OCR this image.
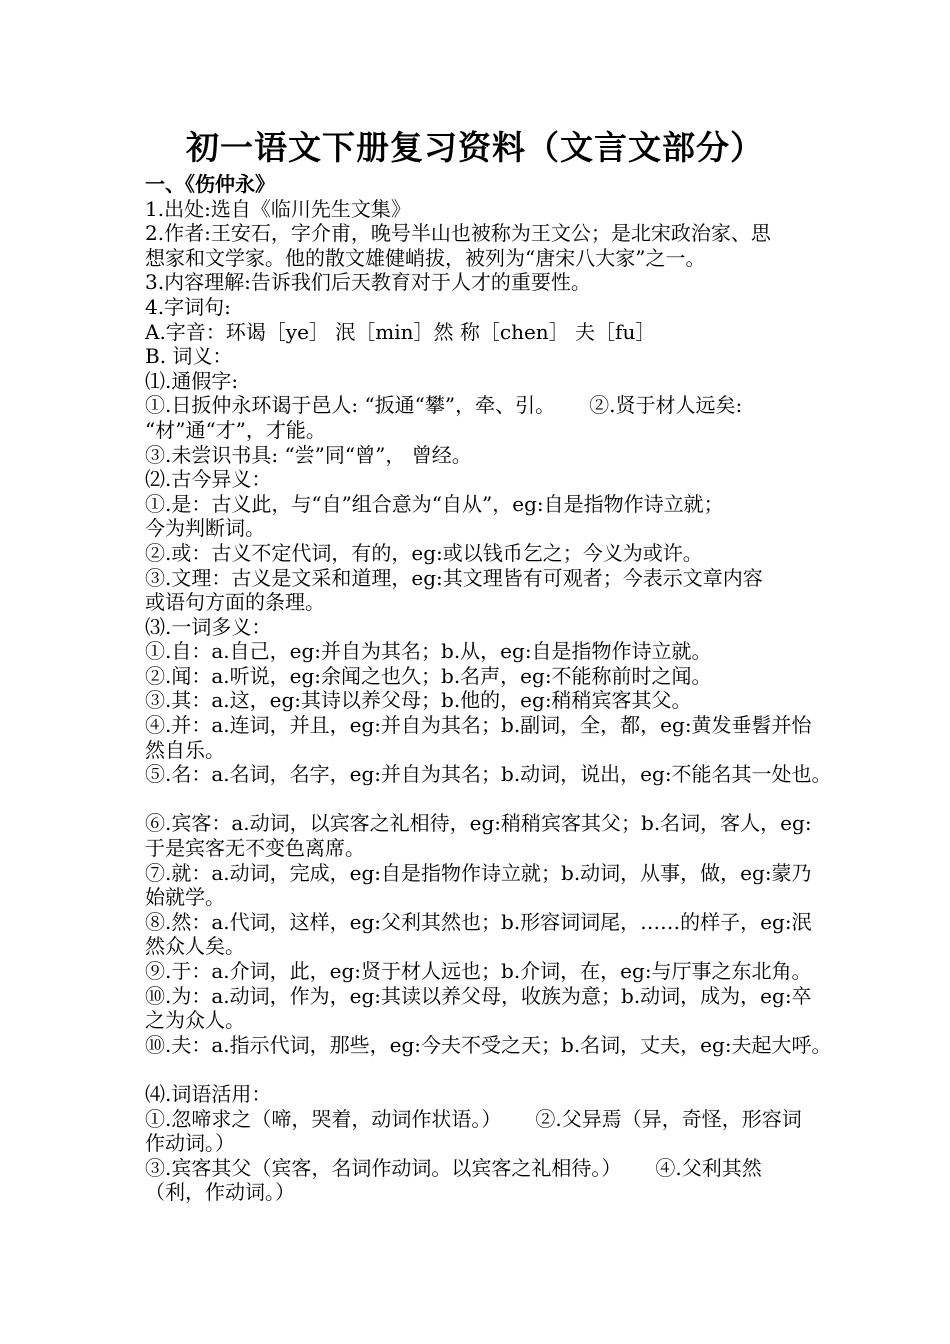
初一语文下册复习资料（文言文部分）
一、《伤仲永》
1.出处:选自《临川先生文集》
2.作者:王安石，字介甫，晚号半山也被称为王文公；是北宋政治家、思
想家和文学家。他的散文雄健峭拔，被列为“唐宋八大家”之一。
3.内容理解:告诉我们后天教育对于人才的重要性。
4.字词句:
A.字音：环谒［ye］ 泯［min］然 称［chen］ 夫［fu］
B. 词义：
⑴.通假字:
①.日扳仲永环谒于邑人: “扳通“攀”，牵、引。 ②.贤于材人远矣:
“材”通“才”，才能。
③.未尝识书具: “尝”同“曾”， 曾经。
⑵.古今异义：
①.是：古义此，与“自”组合意为“自从”，eg:自是指物作诗立就；
今为判断词。
②.或：古义不定代词，有的，eg:或以钱币乞之；今义为或许。
③.文理：古义是文采和道理，eg:其文理皆有可观者；今表示文章内容
或语句方面的条理。
⑶.一词多义：
①.自：a.自己，eg:并自为其名；b.从，eg:自是指物作诗立就。
②.闻：a.听说，eg:余闻之也久；b.名声，eg:不能称前时之闻。
③.其：a.这，eg:其诗以养父母；b.他的，eg:稍稍宾客其父。
④.并：a.连词，并且，eg:并自为其名；b.副词，全，都，eg:黄发垂髫并怡
然自乐。
⑤.名：a.名词，名字，eg:并自为其名；b.动词，说出，eg:不能名其一处也。
⑥.宾客：a.动词，以宾客之礼相待，eg:稍稍宾客其父；b.名词，客人，eg:
于是宾客无不变色离席。
⑦.就：a.动词，完成，eg:自是指物作诗立就；b.动词，从事，做，eg:蒙乃
始就学。
⑧.然：a.代词，这样，eg:父利其然也；b.形容词词尾，……的样子，eg:泯
然众人矣。
⑨.于：a.介词，此，eg:贤于材人远也；b.介词，在，eg:与厅事之东北角。
⑩.为：a.动词，作为，eg:其读以养父母，收族为意；b.动词，成为，eg:卒
之为众人。
⑩.夫：a.指示代词，那些，eg:今夫不受之天；b.名词，丈夫，eg:夫起大呼。
⑷.词语活用：
①.忽啼求之（啼，哭着，动词作状语。） ②.父异焉（异，奇怪，形容词
作动词。）
③.宾客其父（宾客，名词作动词。以宾客之礼相待。） ④.父利其然
（利，作动词。）
